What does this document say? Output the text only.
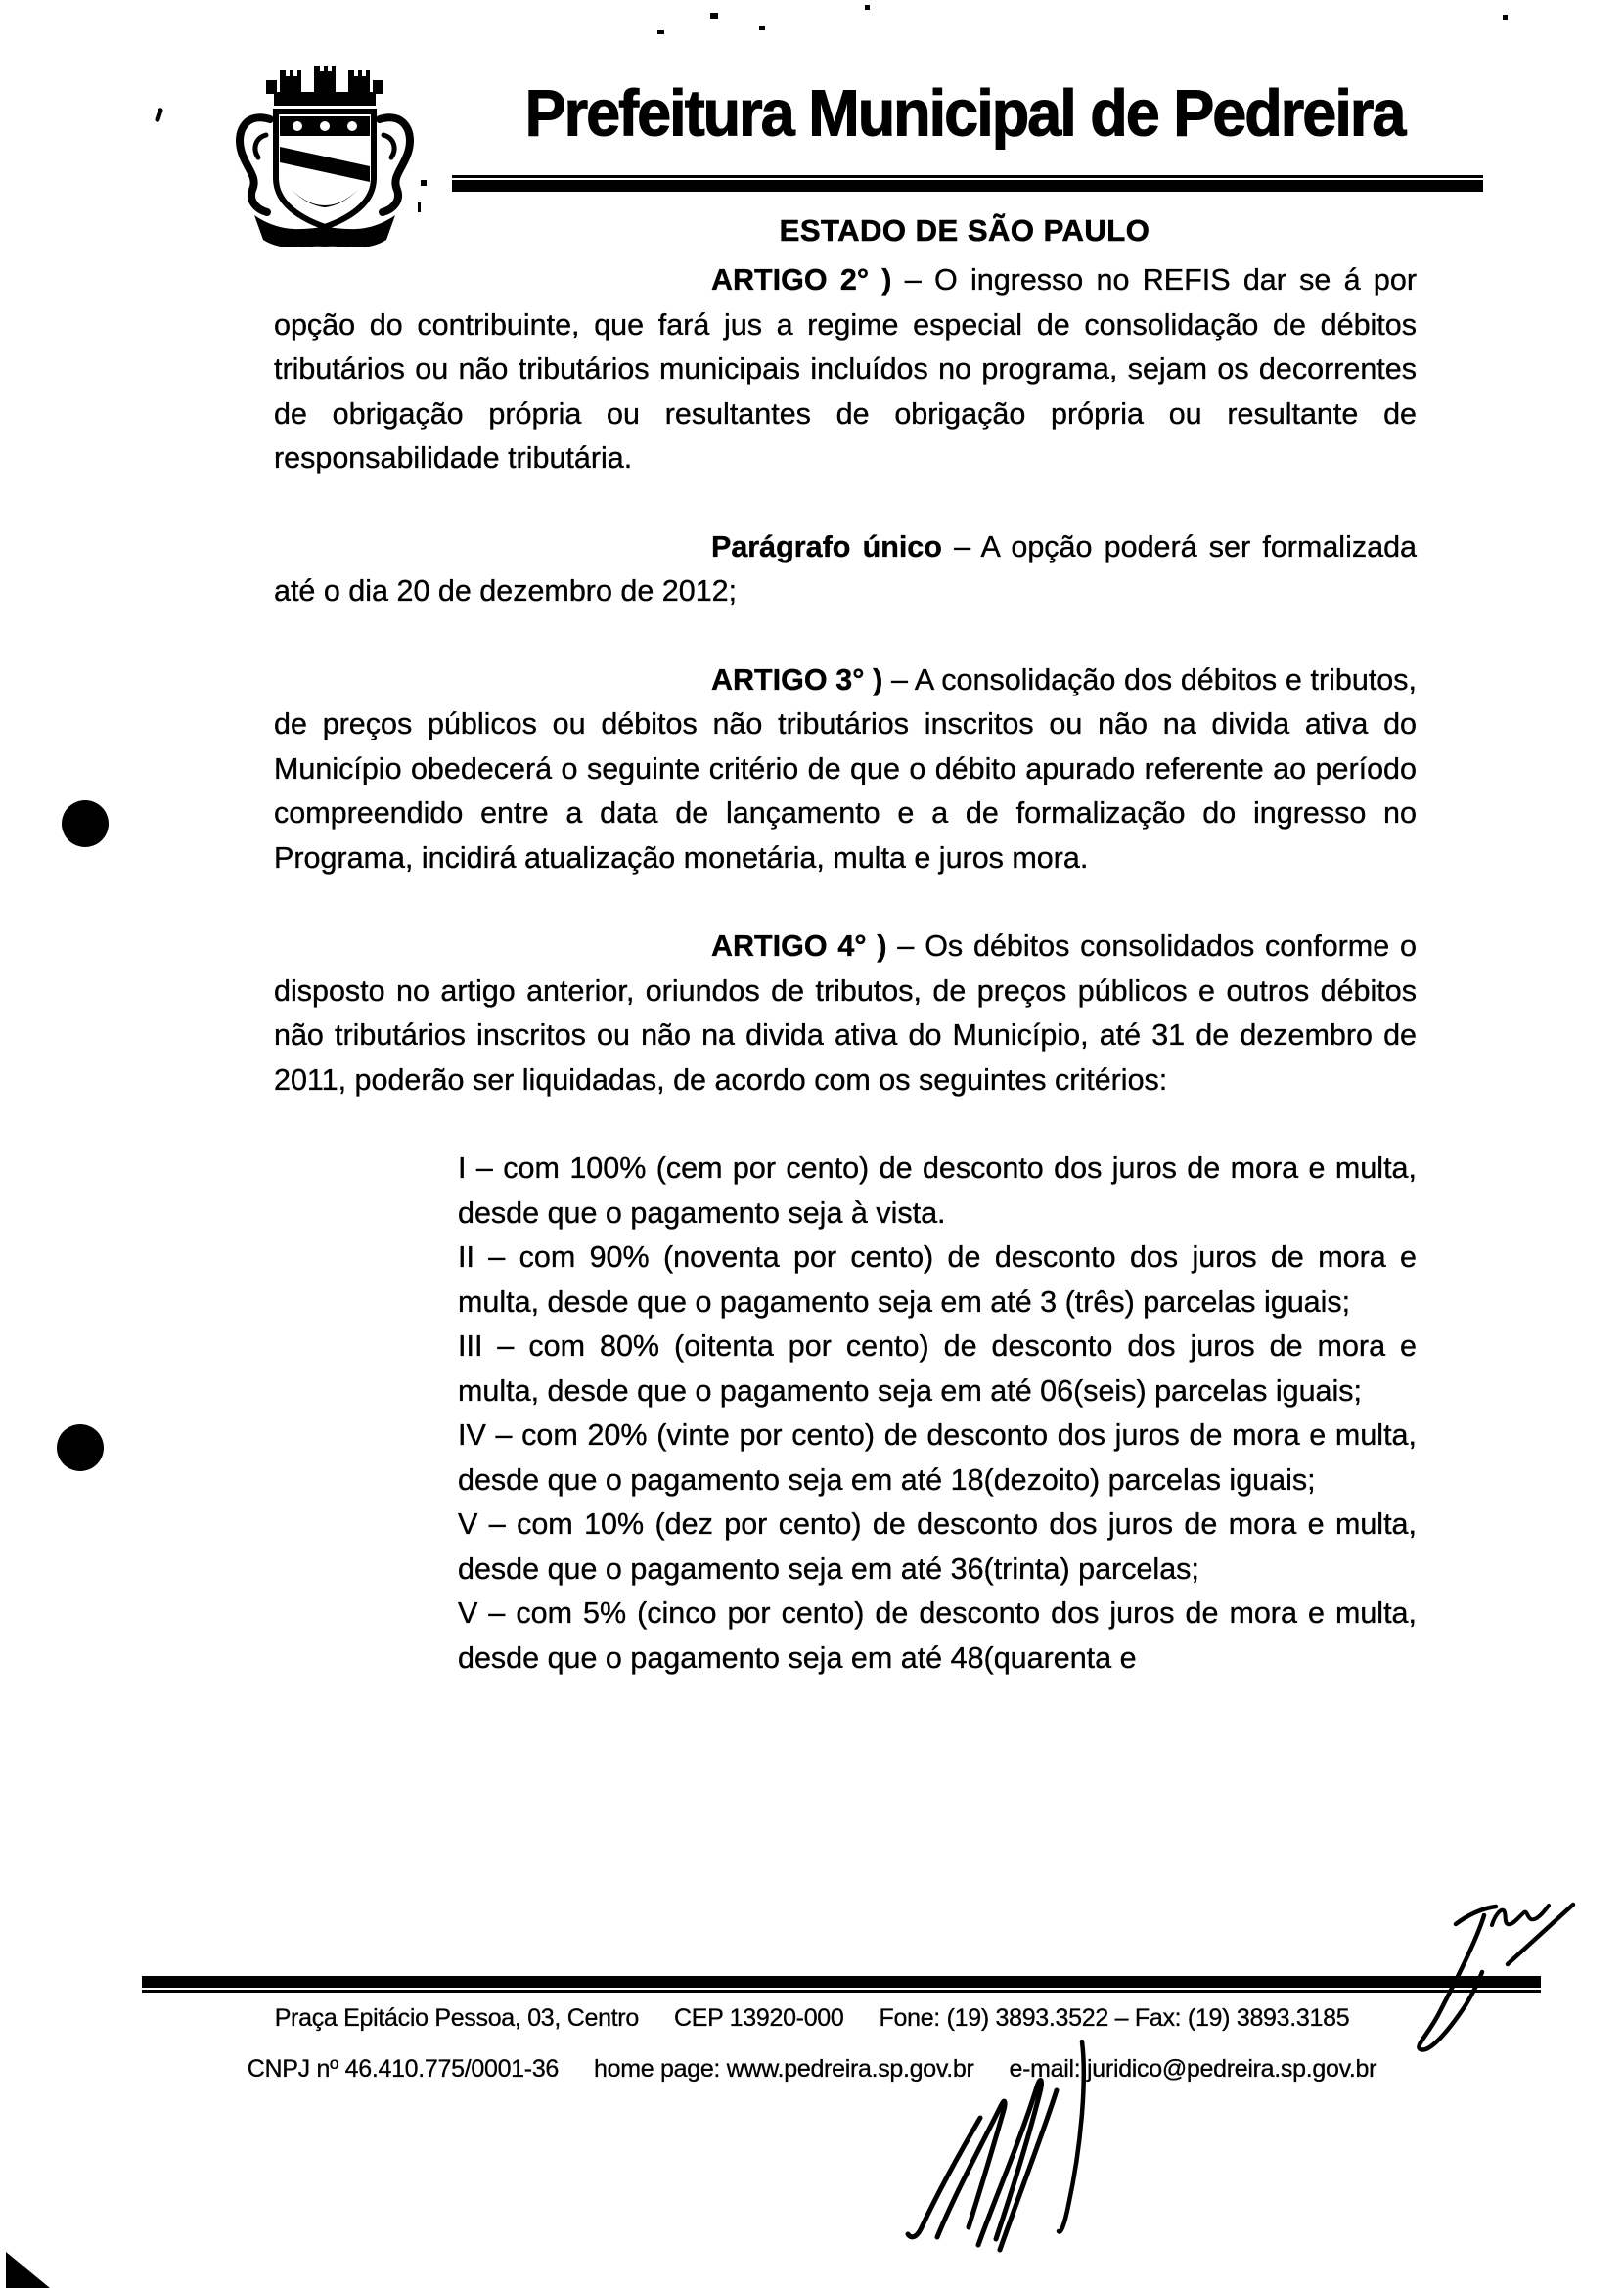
Prefeitura Municipal de Pedreira
ESTADO DE SÃO PAULO

ARTIGO 2° ) – O ingresso no REFIS dar se á por opção do contribuinte, que fará jus a regime especial de consolidação de débitos tributários ou não tributários municipais incluídos no programa, sejam os decorrentes de obrigação própria ou resultantes de obrigação própria ou resultante de responsabilidade tributária.

Parágrafo único – A opção poderá ser formalizada até o dia 20 de dezembro de 2012;

ARTIGO 3° ) – A consolidação dos débitos e tributos, de preços públicos ou débitos não tributários inscritos ou não na divida ativa do Município obedecerá o seguinte critério de que o débito apurado referente ao período compreendido entre a data de lançamento e a de formalização do ingresso no Programa, incidirá atualização monetária, multa e juros mora.

ARTIGO 4° ) – Os débitos consolidados conforme o disposto no artigo anterior, oriundos de tributos, de preços públicos e outros débitos não tributários inscritos ou não na divida ativa do Município, até 31 de dezembro de 2011, poderão ser liquidadas, de acordo com os seguintes critérios:

I – com 100% (cem por cento) de desconto dos juros de mora e multa, desde que o pagamento seja à vista.

II – com 90% (noventa por cento) de desconto dos juros de mora e multa, desde que o pagamento seja em até 3 (três) parcelas iguais;

III – com 80% (oitenta por cento) de desconto dos juros de mora e multa, desde que o pagamento seja em até 06(seis) parcelas iguais;

IV – com 20% (vinte por cento) de desconto dos juros de mora e multa, desde que o pagamento seja em até 18(dezoito) parcelas iguais;

V – com 10% (dez por cento) de desconto dos juros de mora e multa, desde que o pagamento seja em até 36(trinta) parcelas;

V – com 5% (cinco por cento) de desconto dos juros de mora e multa, desde que o pagamento seja em até 48(quarenta e

Praça Epitácio Pessoa, 03, Centro CEP 13920-000 Fone: (19) 3893.3522 – Fax: (19) 3893.3185
CNPJ nº 46.410.775/0001-36 home page: www.pedreira.sp.gov.br e-mail: juridico@pedreira.sp.gov.br
